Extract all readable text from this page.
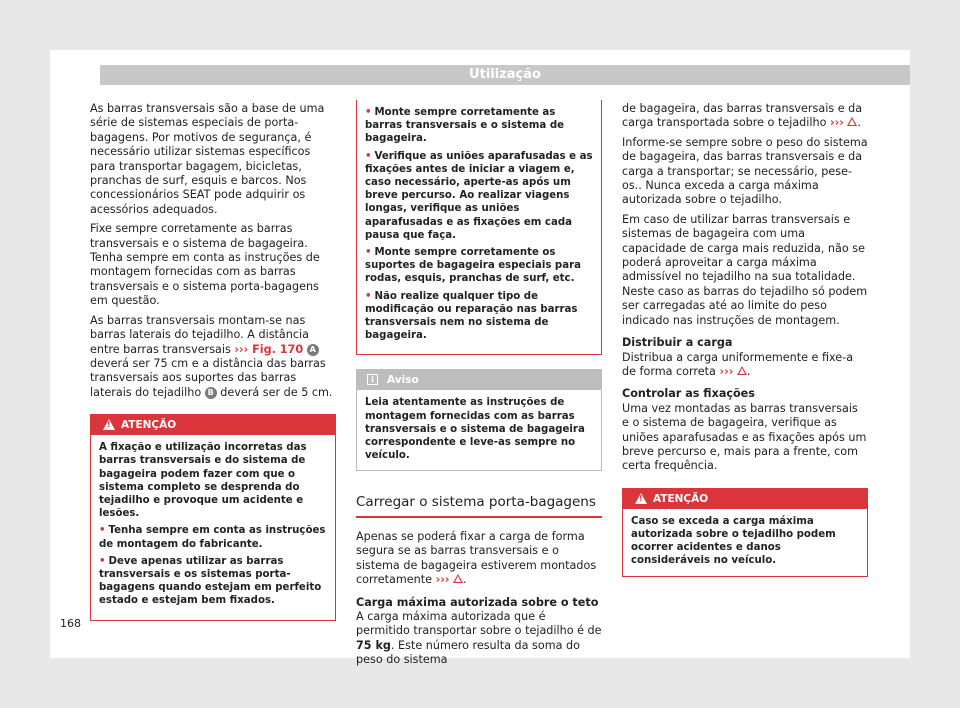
Utilização

As barras transversais são a base de uma série de sistemas especiais de porta-bagagens. Por motivos de segurança, é necessário utilizar sistemas específicos para transportar bagagem, bicicletas, pranchas de surf, esquis e barcos. Nos concessionários SEAT pode adquirir os acessórios adequados.

Fixe sempre corretamente as barras transversais e o sistema de bagageira. Tenha sempre em conta as instruções de montagem fornecidas com as barras transversais e o sistema porta-bagagens em questão.

As barras transversais montam-se nas barras laterais do tejadilho. A distância entre barras transversais ››› Fig. 170 A deverá ser 75 cm e a distância das barras transversais aos suportes das barras laterais do tejadilho B deverá ser de 5 cm.

!
ATENÇÃO

A fixação e utilização incorretas das barras transversais e do sistema de bagageira podem fazer com que o sistema completo se desprenda do tejadilho e provoque um acidente e lesões.

• Tenha sempre em conta as instruções de montagem do fabricante.

• Deve apenas utilizar as barras transversais e os sistemas porta-bagagens quando estejam em perfeito estado e estejam bem fixados.

• Monte sempre corretamente as barras transversais e o sistema de bagageira.

• Verifique as uniões aparafusadas e as fixações antes de iniciar a viagem e, caso necessário, aperte-as após um breve percurso. Ao realizar viagens longas, verifique as uniões aparafusadas e as fixações em cada pausa que faça.

• Monte sempre corretamente os suportes de bagageira especiais para rodas, esquis, pranchas de surf, etc.

• Não realize qualquer tipo de modificação ou reparação nas barras transversais nem no sistema de bagageira.

i	Aviso
Leia atentamente as instruções de montagem fornecidas com as barras transversais e o sistema de bagageira correspondente e leve-as sempre no veículo.
Carregar o sistema porta-bagagens

Apenas se poderá fixar a carga de forma segura se as barras transversais e o sistema de bagageira estiverem montados corretamente ››› .

Carga máxima autorizada sobre o teto

A carga máxima autorizada que é permitido transportar sobre o tejadilho é de 75 kg. Este número resulta da soma do peso do sistema

de bagageira, das barras transversais e da carga transportada sobre o tejadilho ››› .

Informe-se sempre sobre o peso do sistema de bagageira, das barras transversais e da carga a transportar; se necessário, pese-os.. Nunca exceda a carga máxima autorizada sobre o tejadilho.

Em caso de utilizar barras transversais e sistemas de bagageira com uma capacidade de carga mais reduzida, não se poderá aproveitar a carga máxima admissível no tejadilho na sua totalidade. Neste caso as barras do tejadilho só podem ser carregadas até ao limite do peso indicado nas instruções de montagem.

Distribuir a carga

Distribua a carga uniformemente e fixe-a de forma correta ››› .

Controlar as fixações

Uma vez montadas as barras transversais e o sistema de bagageira, verifique as uniões aparafusadas e as fixações após um breve percurso e, mais para a frente, com certa frequência.

!
ATENÇÃO
Caso se exceda a carga máxima autorizada sobre o tejadilho podem ocorrer acidentes e danos consideráveis no veículo.
168
